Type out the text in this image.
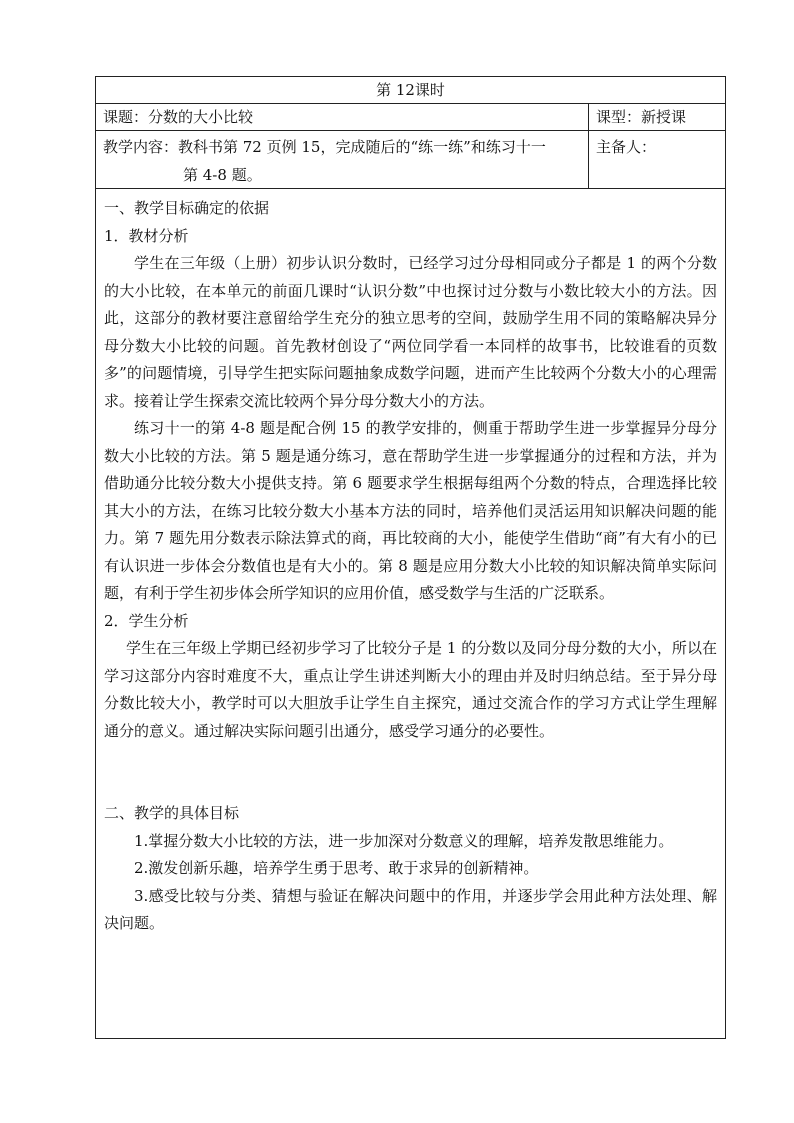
第 12课时
课题：分数的大小比较	课型：新授课
教学内容：教科书第 72 页例 15，完成随后的“练一练”和练习十一
第 4-8 题。
主备人：

一、教学目标确定的依据

1．教材分析

学生在三年级（上册）初步认识分数时，已经学习过分母相同或分子都是 1 的两个分数的大小比较，在本单元的前面几课时“认识分数”中也探讨过分数与小数比较大小的方法。因此，这部分的教材要注意留给学生充分的独立思考的空间，鼓励学生用不同的策略解决异分母分数大小比较的问题。首先教材创设了“两位同学看一本同样的故事书，比较谁看的页数多”的问题情境，引导学生把实际问题抽象成数学问题，进而产生比较两个分数大小的心理需求。接着让学生探索交流比较两个异分母分数大小的方法。

练习十一的第 4-8 题是配合例 15 的教学安排的，侧重于帮助学生进一步掌握异分母分数大小比较的方法。第 5 题是通分练习，意在帮助学生进一步掌握通分的过程和方法，并为借助通分比较分数大小提供支持。第 6 题要求学生根据每组两个分数的特点，合理选择比较其大小的方法，在练习比较分数大小基本方法的同时，培养他们灵活运用知识解决问题的能力。第 7 题先用分数表示除法算式的商，再比较商的大小，能使学生借助“商”有大有小的已有认识进一步体会分数值也是有大小的。第 8 题是应用分数大小比较的知识解决简单实际问题，有利于学生初步体会所学知识的应用价值，感受数学与生活的广泛联系。

2．学生分析

学生在三年级上学期已经初步学习了比较分子是 1 的分数以及同分母分数的大小，所以在学习这部分内容时难度不大，重点让学生讲述判断大小的理由并及时归纳总结。至于异分母分数比较大小，教学时可以大胆放手让学生自主探究，通过交流合作的学习方式让学生理解通分的意义。通过解决实际问题引出通分，感受学习通分的必要性。

二、教学的具体目标

1.掌握分数大小比较的方法，进一步加深对分数意义的理解，培养发散思维能力。

2.激发创新乐趣，培养学生勇于思考、敢于求异的创新精神。

3.感受比较与分类、猜想与验证在解决问题中的作用，并逐步学会用此种方法处理、解决问题。
